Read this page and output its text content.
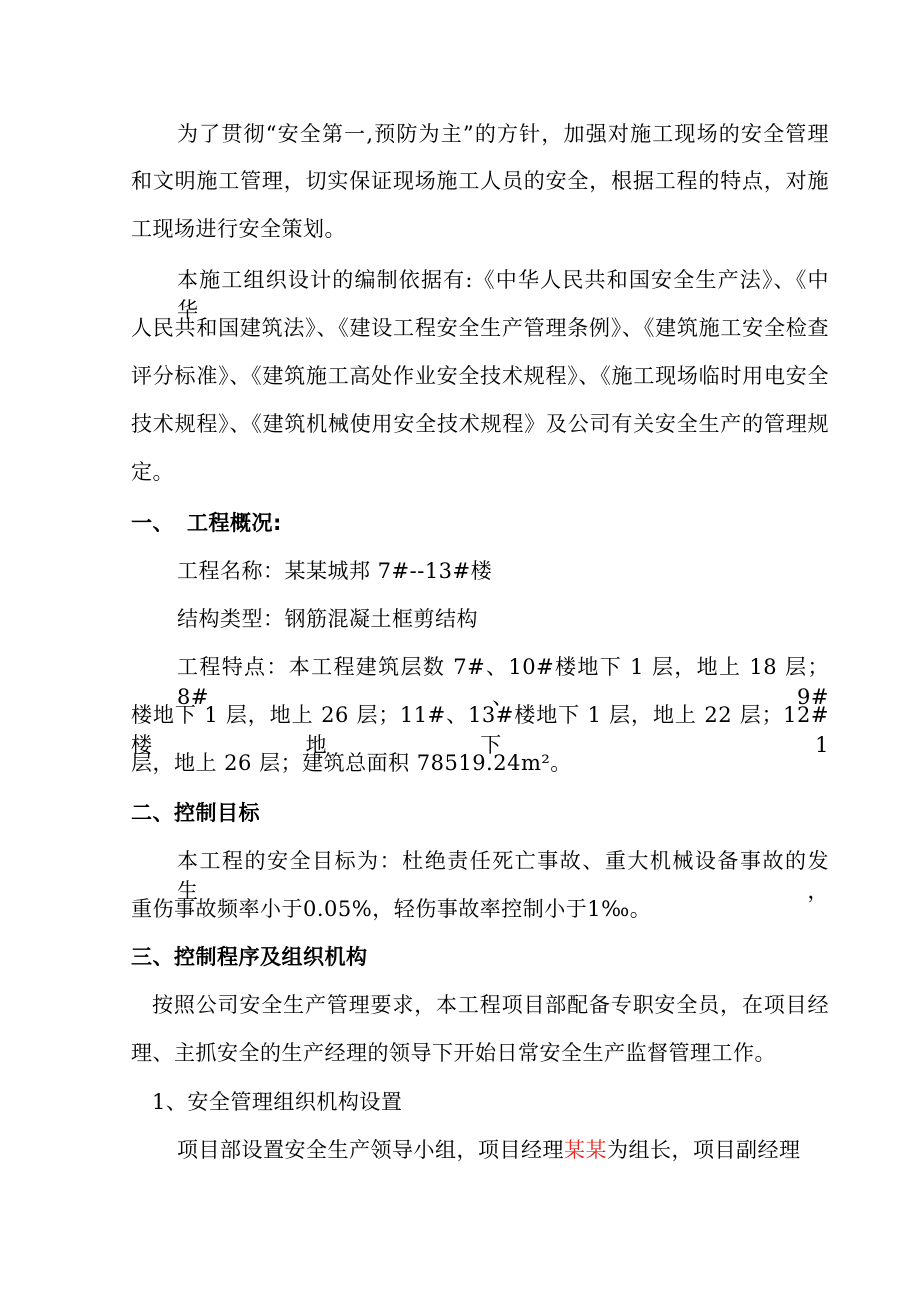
为了贯彻“安全第一,预防为主”的方针，加强对施工现场的安全管理
和文明施工管理，切实保证现场施工人员的安全，根据工程的特点，对施
工现场进行安全策划。
本施工组织设计的编制依据有:《中华人民共和国安全生产法》、《中华
人民共和国建筑法》、《建设工程安全生产管理条例》、《建筑施工安全检查
评分标准》、《建筑施工高处作业安全技术规程》、《施工现场临时用电安全
技术规程》、《建筑机械使用安全技术规程》及公司有关安全生产的管理规
定。
一、 工程概况:
工程名称：某某城邦 7#--13#楼
结构类型：钢筋混凝土框剪结构
工程特点：本工程建筑层数 7#、10#楼地下 1 层，地上 18 层；8#、9#
楼地下 1 层，地上 26 层；11#、13#楼地下 1 层，地上 22 层；12#楼地下 1
层，地上 26 层；建筑总面积 78519.24m²。
二、控制目标
本工程的安全目标为：杜绝责任死亡事故、重大机械设备事故的发生，
重伤事故频率小于0.05%，轻伤事故率控制小于1‰。
三、控制程序及组织机构
按照公司安全生产管理要求，本工程项目部配备专职安全员，在项目经
理、主抓安全的生产经理的领导下开始日常安全生产监督管理工作。
1、安全管理组织机构设置
项目部设置安全生产领导小组，项目经理某某为组长，项目副经理
